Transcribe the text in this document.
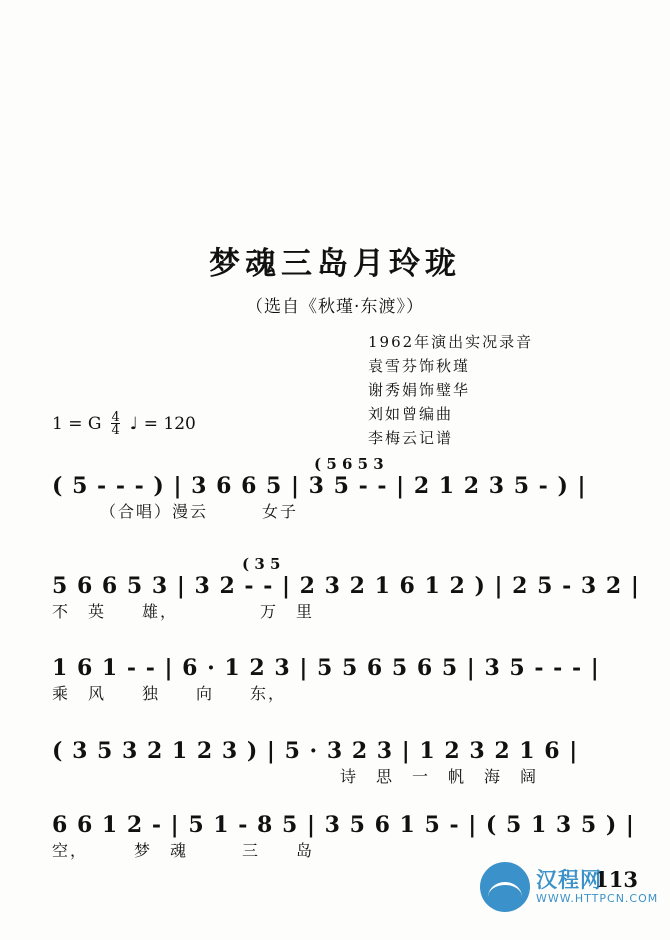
梦魂三岛月玲珑
（选自《秋瑾·东渡》）
1962年演出实况录音
袁雪芬饰秋瑾
谢秀娟饰璧华
刘如曾编曲
李梅云记谱
1 = G $\frac{4}{4}$ ♩ = 120
( 5 6 5 3
( 5 - - - ) | 3 6 6 5 | 3 5 - - | 2 1 2 3 5 - ) |
（合唱）漫云　　　女子
( 3 5
5 6 6 5 3 | 3 2 - - | 2 3 2 1 6 1 2 ) | 2 5 - 3 2 |
不　英　　雄，　　　　　万　里
1 6 1 - - | 6 · 1 2 3 | 5 5 6 5 6 5 | 3 5 - - - |
乘　风　　独　　向　　东，
( 3 5 3 2 1 2 3 ) | 5 · 3 2 3 | 1 2 3 2 1 6 |
　　　　　　诗　思　一　帆　海　阔
6 6 1 2 - | 5 1 - 8 5 | 3 5 6 1 5 - | ( 5 1 3 5 ) |
空，　　　梦　魂　　　三　　岛
113
汉程网
WWW.HTTPCN.COM
